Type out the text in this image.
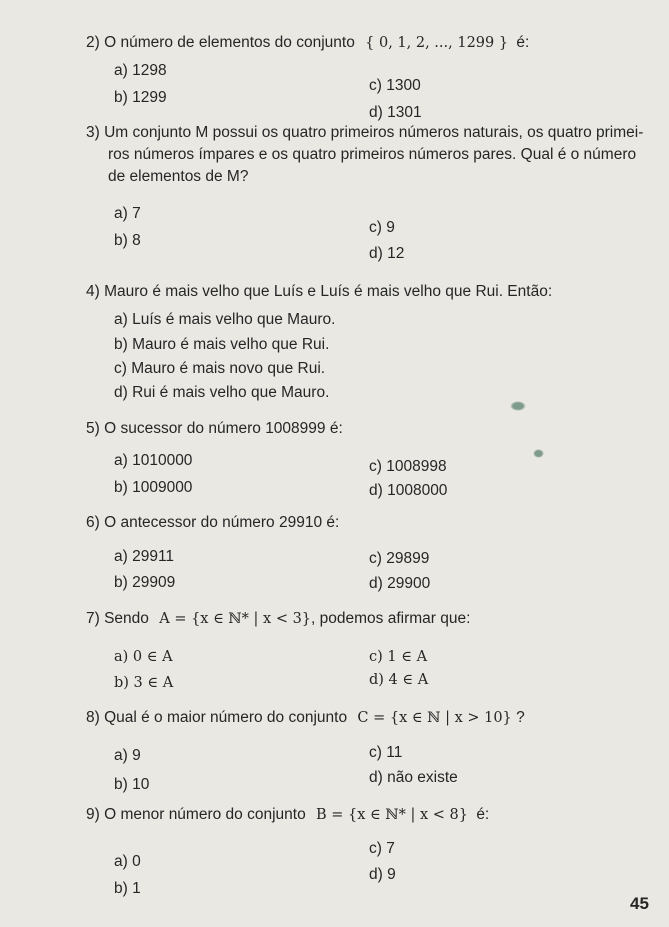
2) O número de elementos do conjunto { 0, 1, 2, ..., 1299 } é:
a) 1298
b) 1299
c) 1300
d) 1301
3) Um conjunto M possui os quatro primeiros números naturais, os quatro primei-
ros números ímpares e os quatro primeiros números pares. Qual é o número
de elementos de M?
a) 7
b) 8
c) 9
d) 12
4) Mauro é mais velho que Luís e Luís é mais velho que Rui. Então:
a) Luís é mais velho que Mauro.
b) Mauro é mais velho que Rui.
c) Mauro é mais novo que Rui.
d) Rui é mais velho que Mauro.
5) O sucessor do número 1008999 é:
a) 1010000
b) 1009000
c) 1008998
d) 1008000
6) O antecessor do número 29910 é:
a) 29911
b) 29909
c) 29899
d) 29900
7) Sendo A = {x ∈ ℕ* | x < 3}, podemos afirmar que:
a) 0 ∈ A
b) 3 ∈ A
c) 1 ∈ A
d) 4 ∈ A
8) Qual é o maior número do conjunto C = {x ∈ ℕ | x > 10} ?
a) 9
b) 10
c) 11
d) não existe
9) O menor número do conjunto B = {x ∈ ℕ* | x < 8} é:
a) 0
b) 1
c) 7
d) 9
45
